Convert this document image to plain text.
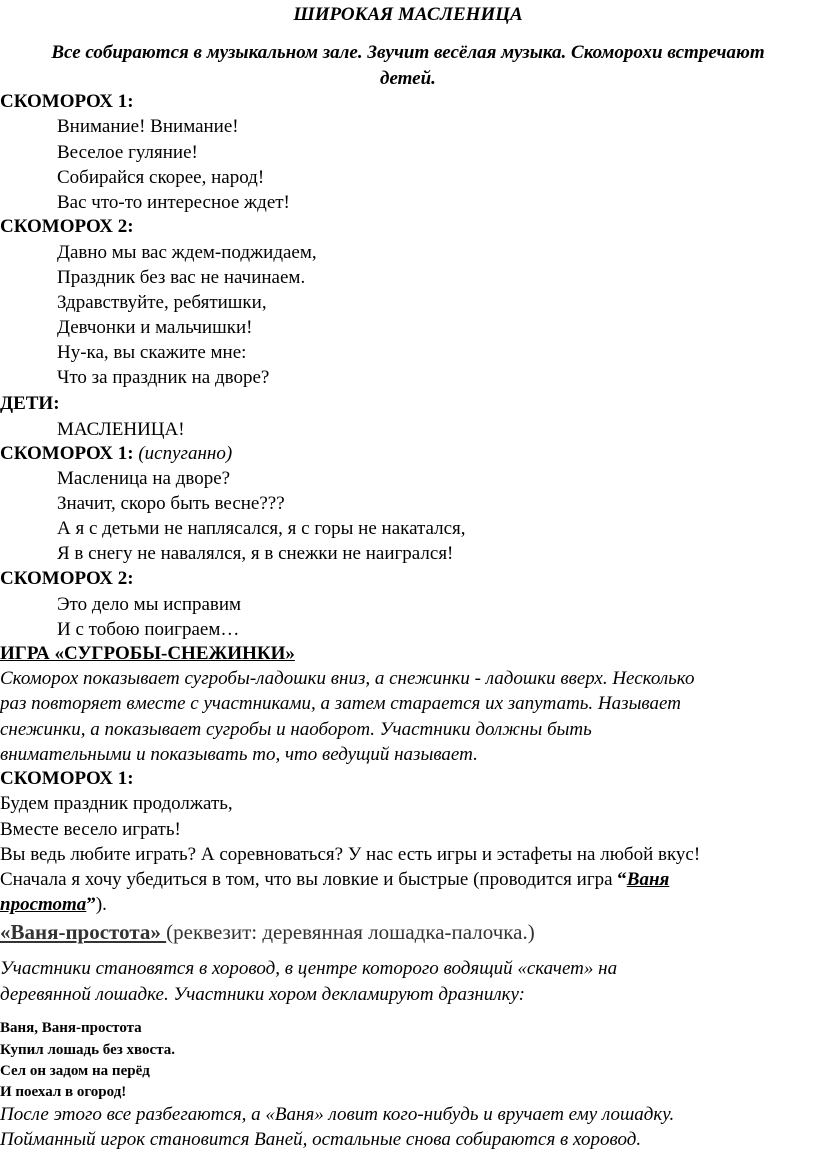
ШИРОКАЯ МАСЛЕНИЦА
Все собираются в музыкальном зале. Звучит весёлая музыка. Скоморохи встречают детей.
СКОМОРОХ 1:
Внимание! Внимание!
Веселое гуляние!
Собирайся скорее, народ!
Вас что-то интересное ждет!
СКОМОРОХ 2:
Давно мы вас ждем-поджидаем,
Праздник без вас не начинаем.
Здравствуйте, ребятишки,
Девчонки и мальчишки!
Ну-ка, вы скажите мне:
Что за праздник на дворе?
ДЕТИ:
МАСЛЕНИЦА!
СКОМОРОХ 1: (испуганно)
Масленица на дворе?
Значит, скоро быть весне???
А я с детьми не наплясался, я с горы не накатался,
Я в снегу не навалялся, я в снежки не наигрался!
СКОМОРОХ 2:
Это дело мы исправим
И с тобою поиграем…
ИГРА «СУГРОБЫ-СНЕЖИНКИ»
Скоморох показывает сугробы-ладошки вниз, а снежинки - ладошки вверх. Несколько
раз повторяет вместе с участниками, а затем старается их запутать. Называет
снежинки, а показывает сугробы и наоборот. Участники должны быть
внимательными и показывать то, что ведущий называет.
СКОМОРОХ 1:
Будем праздник продолжать,
Вместе весело играть!
Вы ведь любите играть? А соревноваться? У нас есть игры и эстафеты на любой вкус!
Сначала я хочу убедиться в том, что вы ловкие и быстрые (проводится игра “Ваня
простота”).
«Ваня-простота» (реквезит: деревянная лошадка-палочка.)
Участники становятся в хоровод, в центре которого водящий «скачет» на
деревянной лошадке. Участники хором декламируют дразнилку:
Ваня, Ваня-простота
Купил лошадь без хвоста.
Сел он задом на перёд
И поехал в огород!
После этого все разбегаются, а «Ваня» ловит кого-нибудь и вручает ему лошадку.
Пойманный игрок становится Ваней, остальные снова собираются в хоровод.
